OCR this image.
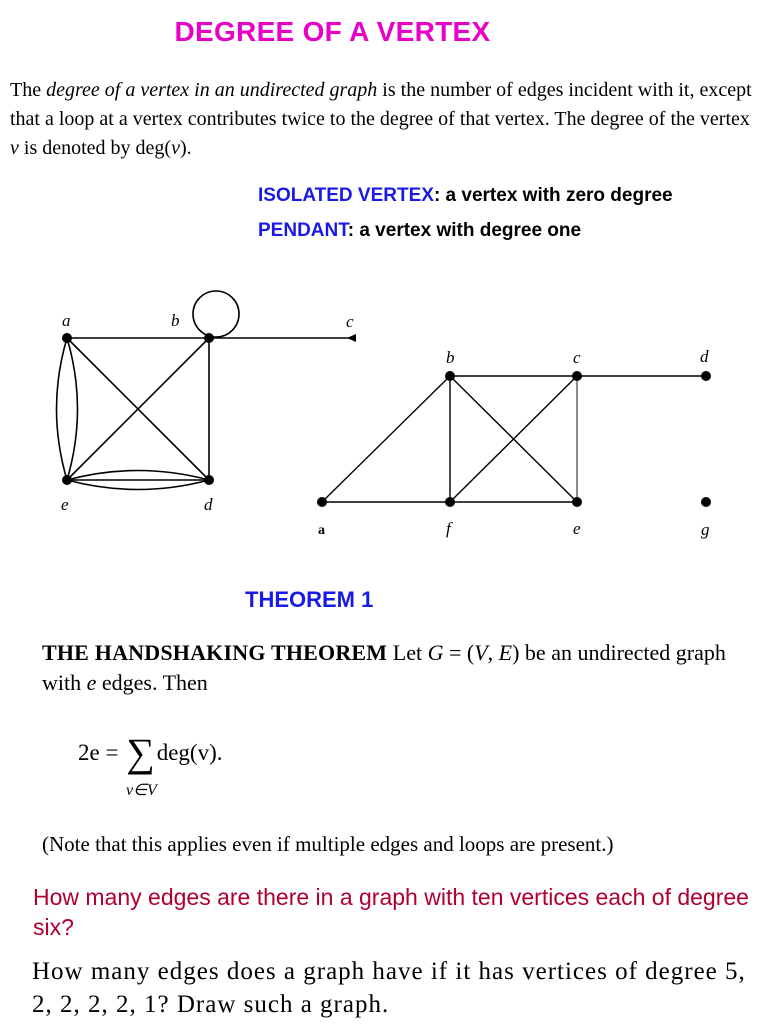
DEGREE OF A VERTEX
The degree of a vertex in an undirected graph is the number of edges incident with it, except that a loop at a vertex contributes twice to the degree of that vertex. The degree of the vertex v is denoted by deg(v).
ISOLATED VERTEX: a vertex with zero degree
PENDANT: a vertex with degree one
a	b	c
d
e
a
b	c	d
e
f	g
THEOREM 1
THE HANDSHAKING THEOREM Let G = (V, E) be an undirected graph with e edges. Then
2e = ∑deg(v).
v∈V
(Note that this applies even if multiple edges and loops are present.)
How many edges are there in a graph with ten vertices each of degree six?
How many edges does a graph have if it has vertices of degree 5, 2, 2, 2, 2, 1? Draw such a graph.
